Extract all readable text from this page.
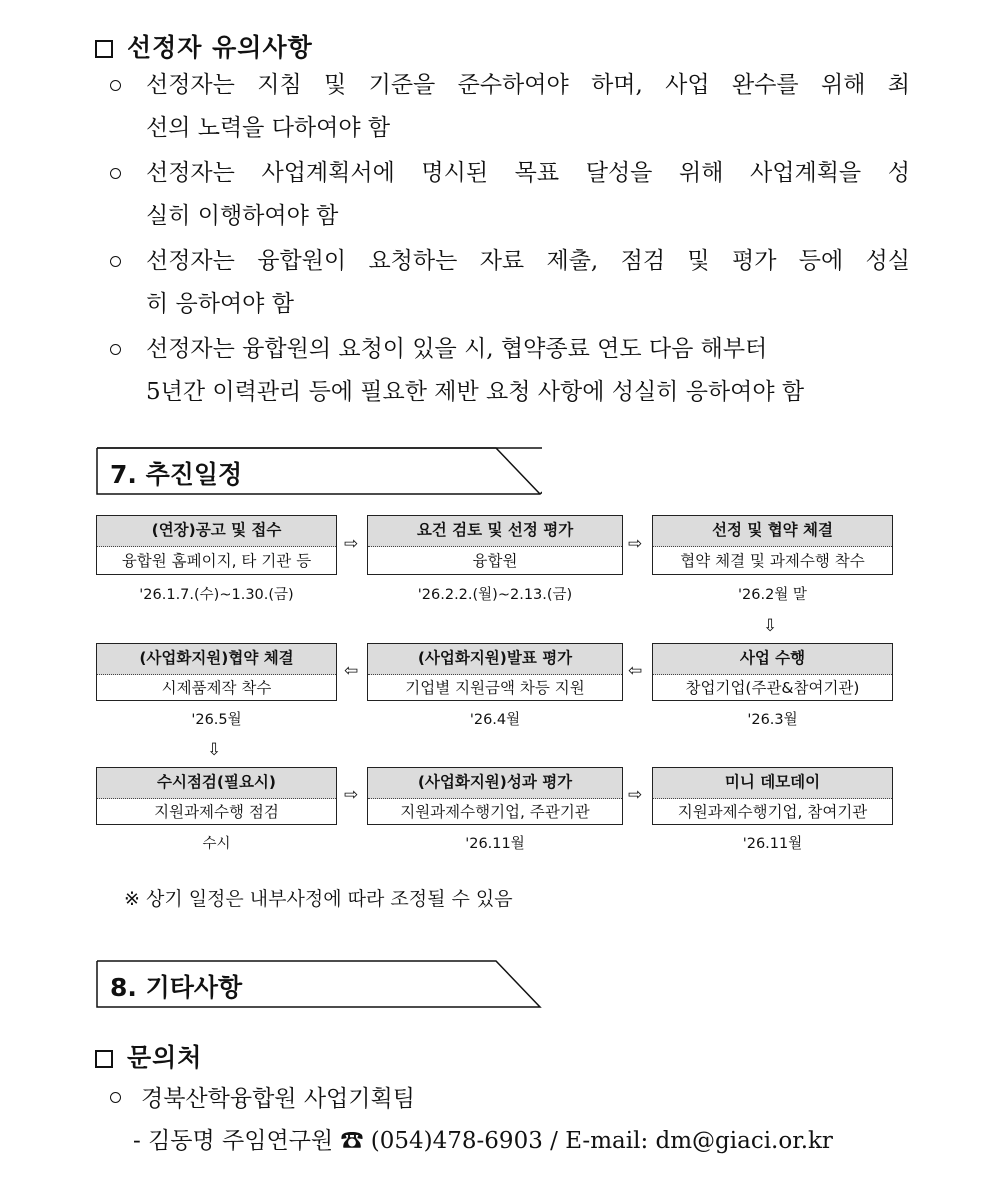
선정자 유의사항
선정자는 지침 및 기준을 준수하여야 하며, 사업 완수를 위해 최
선의 노력을 다하여야 함
선정자는 사업계획서에 명시된 목표 달성을 위해 사업계획을 성
실히 이행하여야 함
선정자는 융합원이 요청하는 자료 제출, 점검 및 평가 등에 성실
히 응하여야 함
선정자는 융합원의 요청이 있을 시, 협약종료 연도 다음 해부터
5년간 이력관리 등에 필요한 제반 요청 사항에 성실히 응하여야 함
7. 추진일정
(연장)공고 및 접수
융합원 홈페이지, 타 기관 등
'26.1.7.(수)~1.30.(금)
⇨
요건 검토 및 선정 평가
융합원
'26.2.2.(월)~2.13.(금)
⇨
선정 및 협약 체결
협약 체결 및 과제수행 착수
'26.2월 말
⇩
사업 수행
창업기업(주관&참여기관)
'26.3월
⇦
(사업화지원)발표 평가
기업별 지원금액 차등 지원
'26.4월
⇦
(사업화지원)협약 체결
시제품제작 착수
'26.5월
⇩
수시점검(필요시)
지원과제수행 점검
수시
⇨
(사업화지원)성과 평가
지원과제수행기업, 주관기관
'26.11월
⇨
미니 데모데이
지원과제수행기업, 참여기관
'26.11월
※ 상기 일정은 내부사정에 따라 조정될 수 있음
8. 기타사항
문의처
경북산학융합원 사업기획팀
- 김동명 주임연구원 ☎ (054)478-6903 / E-mail: dm@giaci.or.kr
